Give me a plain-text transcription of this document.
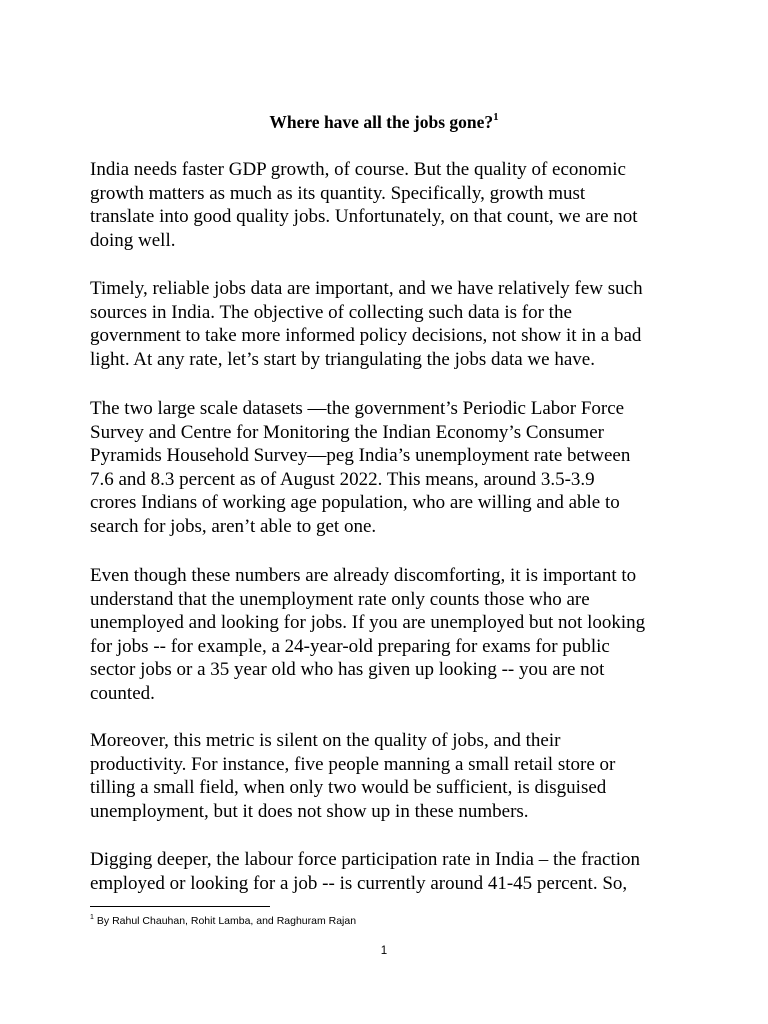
Where have all the jobs gone?$^1$
India needs faster GDP growth, of course. But the quality of economic
growth matters as much as its quantity. Specifically, growth must
translate into good quality jobs. Unfortunately, on that count, we are not
doing well.
Timely, reliable jobs data are important, and we have relatively few such
sources in India. The objective of collecting such data is for the
government to take more informed policy decisions, not show it in a bad
light. At any rate, let’s start by triangulating the jobs data we have.
The two large scale datasets —the government’s Periodic Labor Force
Survey and Centre for Monitoring the Indian Economy’s Consumer
Pyramids Household Survey—peg India’s unemployment rate between
7.6 and 8.3 percent as of August 2022. This means, around 3.5-3.9
crores Indians of working age population, who are willing and able to
search for jobs, aren’t able to get one.
Even though these numbers are already discomforting, it is important to
understand that the unemployment rate only counts those who are
unemployed and looking for jobs. If you are unemployed but not looking
for jobs -- for example, a 24-year-old preparing for exams for public
sector jobs or a 35 year old who has given up looking -- you are not
counted.
Moreover, this metric is silent on the quality of jobs, and their
productivity. For instance, five people manning a small retail store or
tilling a small field, when only two would be sufficient, is disguised
unemployment, but it does not show up in these numbers.
Digging deeper, the labour force participation rate in India – the fraction
employed or looking for a job -- is currently around 41-45 percent. So,
$^1$ By Rahul Chauhan, Rohit Lamba, and Raghuram Rajan
1
